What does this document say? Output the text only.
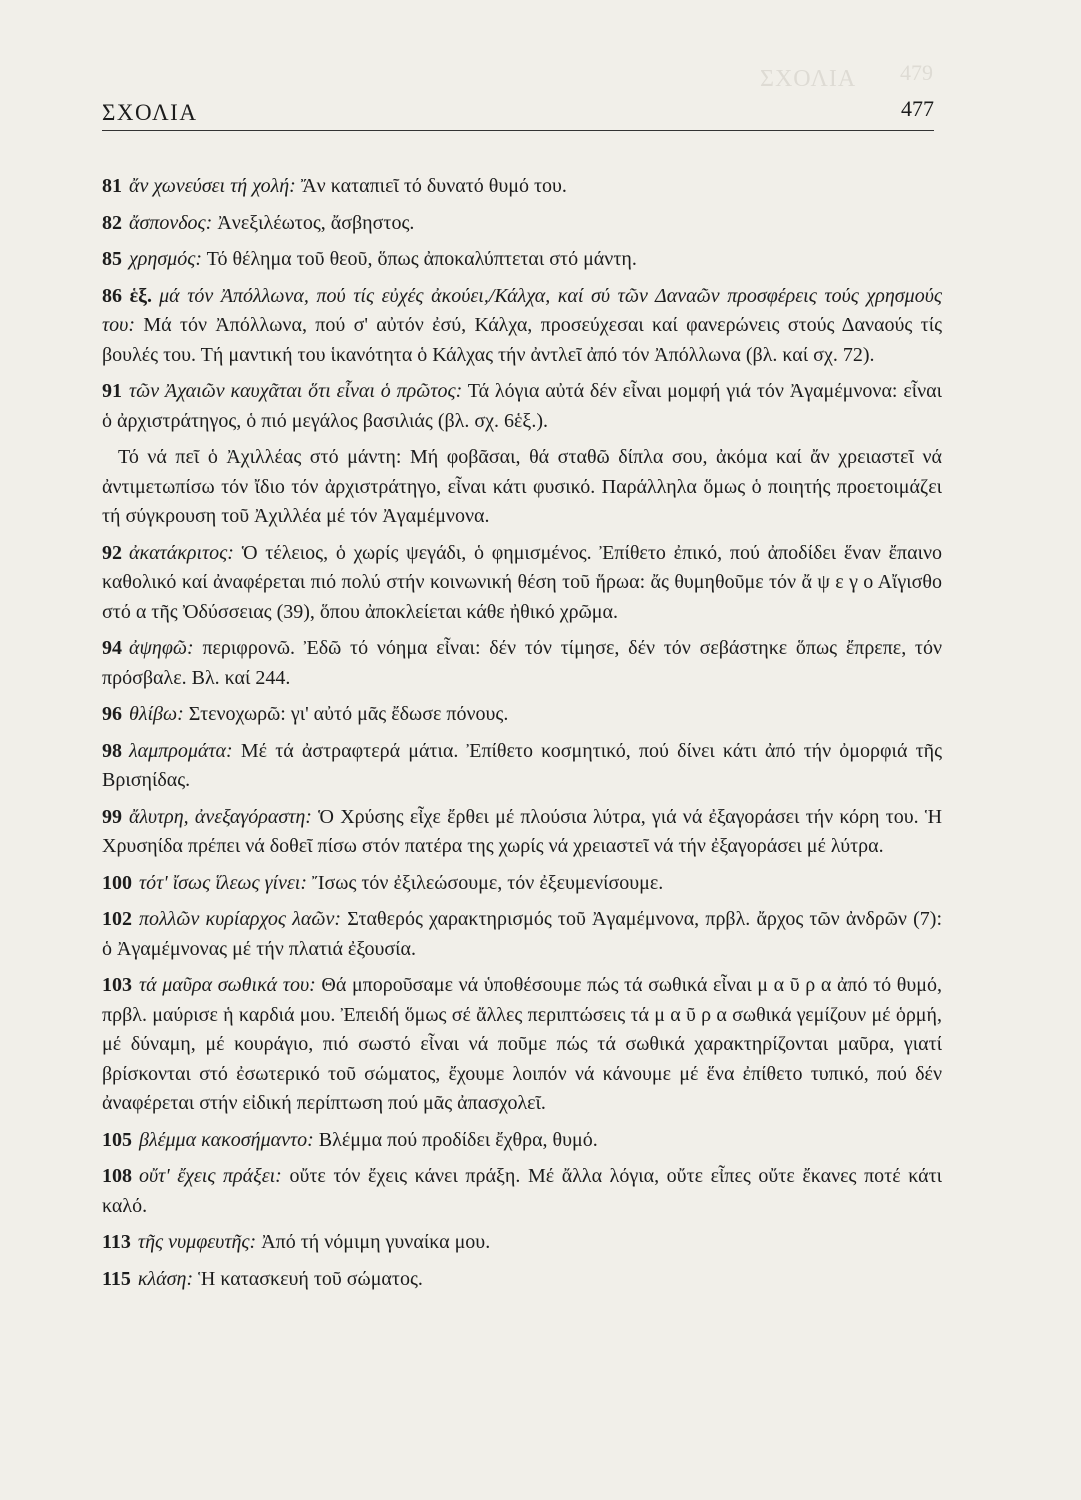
ΣΧΟΛΙΑ 479
ΣΧΟΛΙΑ	477

81 ἄν χωνεύσει τή χολή: Ἄν καταπιεῖ τό δυνατό θυμό του.

82 ἄσπονδος: Ἀνεξιλέωτος, ἄσβηστος.

85 χρησμός: Τό θέλημα τοῦ θεοῦ, ὅπως ἀποκαλύπτεται στό μάντη.

86 ἑξ. μά τόν Ἀπόλλωνα, πού τίς εὐχές ἀκούει,/Κάλχα, καί σύ τῶν Δαναῶν προσφέρεις τούς χρησμούς του: Μά τόν Ἀπόλλωνα, πού σ' αὐτόν ἐσύ, Κάλχα, προσεύχεσαι καί φανερώνεις στούς Δαναούς τίς βουλές του. Τή μαντική του ἱκανότητα ὁ Κάλχας τήν ἀντλεῖ ἀπό τόν Ἀπόλλωνα (βλ. καί σχ. 72).

91 τῶν Ἀχαιῶν καυχᾶται ὅτι εἶναι ὁ πρῶτος: Τά λόγια αὐτά δέν εἶναι μομφή γιά τόν Ἀγαμέμνονα: εἶναι ὁ ἀρχιστράτηγος, ὁ πιό μεγάλος βασιλιάς (βλ. σχ. 6ἑξ.).

Τό νά πεῖ ὁ Ἀχιλλέας στό μάντη: Μή φοβᾶσαι, θά σταθῶ δίπλα σου, ἀκόμα καί ἄν χρειαστεῖ νά ἀντιμετωπίσω τόν ἴδιο τόν ἀρχιστράτηγο, εἶναι κάτι φυσικό. Παράλληλα ὅμως ὁ ποιητής προετοιμάζει τή σύγκρουση τοῦ Ἀχιλλέα μέ τόν Ἀγαμέμνονα.

92 ἀκατάκριτος: Ὁ τέλειος, ὁ χωρίς ψεγάδι, ὁ φημισμένος. Ἐπίθετο ἐπικό, πού ἀποδίδει ἕναν ἔπαινο καθολικό καί ἀναφέρεται πιό πολύ στήν κοινωνική θέση τοῦ ἥρωα: ἄς θυμηθοῦμε τόν ἄ ψ ε γ ο Αἴγισθο στό α τῆς Ὀδύσσειας (39), ὅπου ἀποκλείεται κάθε ἠθικό χρῶμα.

94 ἀψηφῶ: περιφρονῶ. Ἐδῶ τό νόημα εἶναι: δέν τόν τίμησε, δέν τόν σεβάστηκε ὅπως ἔπρεπε, τόν πρόσβαλε. Βλ. καί 244.

96 θλίβω: Στενοχωρῶ: γι' αὐτό μᾶς ἔδωσε πόνους.

98 λαμπρομάτα: Μέ τά ἀστραφτερά μάτια. Ἐπίθετο κοσμητικό, πού δίνει κάτι ἀπό τήν ὀμορφιά τῆς Βρισηίδας.

99 ἄλυτρη, ἀνεξαγόραστη: Ὁ Χρύσης εἶχε ἔρθει μέ πλούσια λύτρα, γιά νά ἐξαγοράσει τήν κόρη του. Ἡ Χρυσηίδα πρέπει νά δοθεῖ πίσω στόν πατέρα της χωρίς νά χρειαστεῖ νά τήν ἐξαγοράσει μέ λύτρα.

100 τότ' ἴσως ἵλεως γίνει: Ἴσως τόν ἐξιλεώσουμε, τόν ἐξευμενίσουμε.

102 πολλῶν κυρίαρχος λαῶν: Σταθερός χαρακτηρισμός τοῦ Ἀγαμέμνονα, πρβλ. ἄρχος τῶν ἀνδρῶν (7): ὁ Ἀγαμέμνονας μέ τήν πλατιά ἐξουσία.

103 τά μαῦρα σωθικά του: Θά μποροῦσαμε νά ὑποθέσουμε πώς τά σωθικά εἶναι μ α ῦ ρ α ἀπό τό θυμό, πρβλ. μαύρισε ἡ καρδιά μου. Ἐπειδή ὅμως σέ ἄλλες περιπτώσεις τά μ α ῦ ρ α σωθικά γεμίζουν μέ ὁρμή, μέ δύναμη, μέ κουράγιο, πιό σωστό εἶναι νά ποῦμε πώς τά σωθικά χαρακτηρίζονται μαῦρα, γιατί βρίσκονται στό ἐσωτερικό τοῦ σώματος, ἔχουμε λοιπόν νά κάνουμε μέ ἕνα ἐπίθετο τυπικό, πού δέν ἀναφέρεται στήν εἰδική περίπτωση πού μᾶς ἀπασχολεῖ.

105 βλέμμα κακοσήμαντο: Βλέμμα πού προδίδει ἔχθρα, θυμό.

108 οὔτ' ἔχεις πράξει: οὔτε τόν ἔχεις κάνει πράξη. Μέ ἄλλα λόγια, οὔτε εἶπες οὔτε ἔκανες ποτέ κάτι καλό.

113 τῆς νυμφευτῆς: Ἀπό τή νόμιμη γυναίκα μου.

115 κλάση: Ἡ κατασκευή τοῦ σώματος.
